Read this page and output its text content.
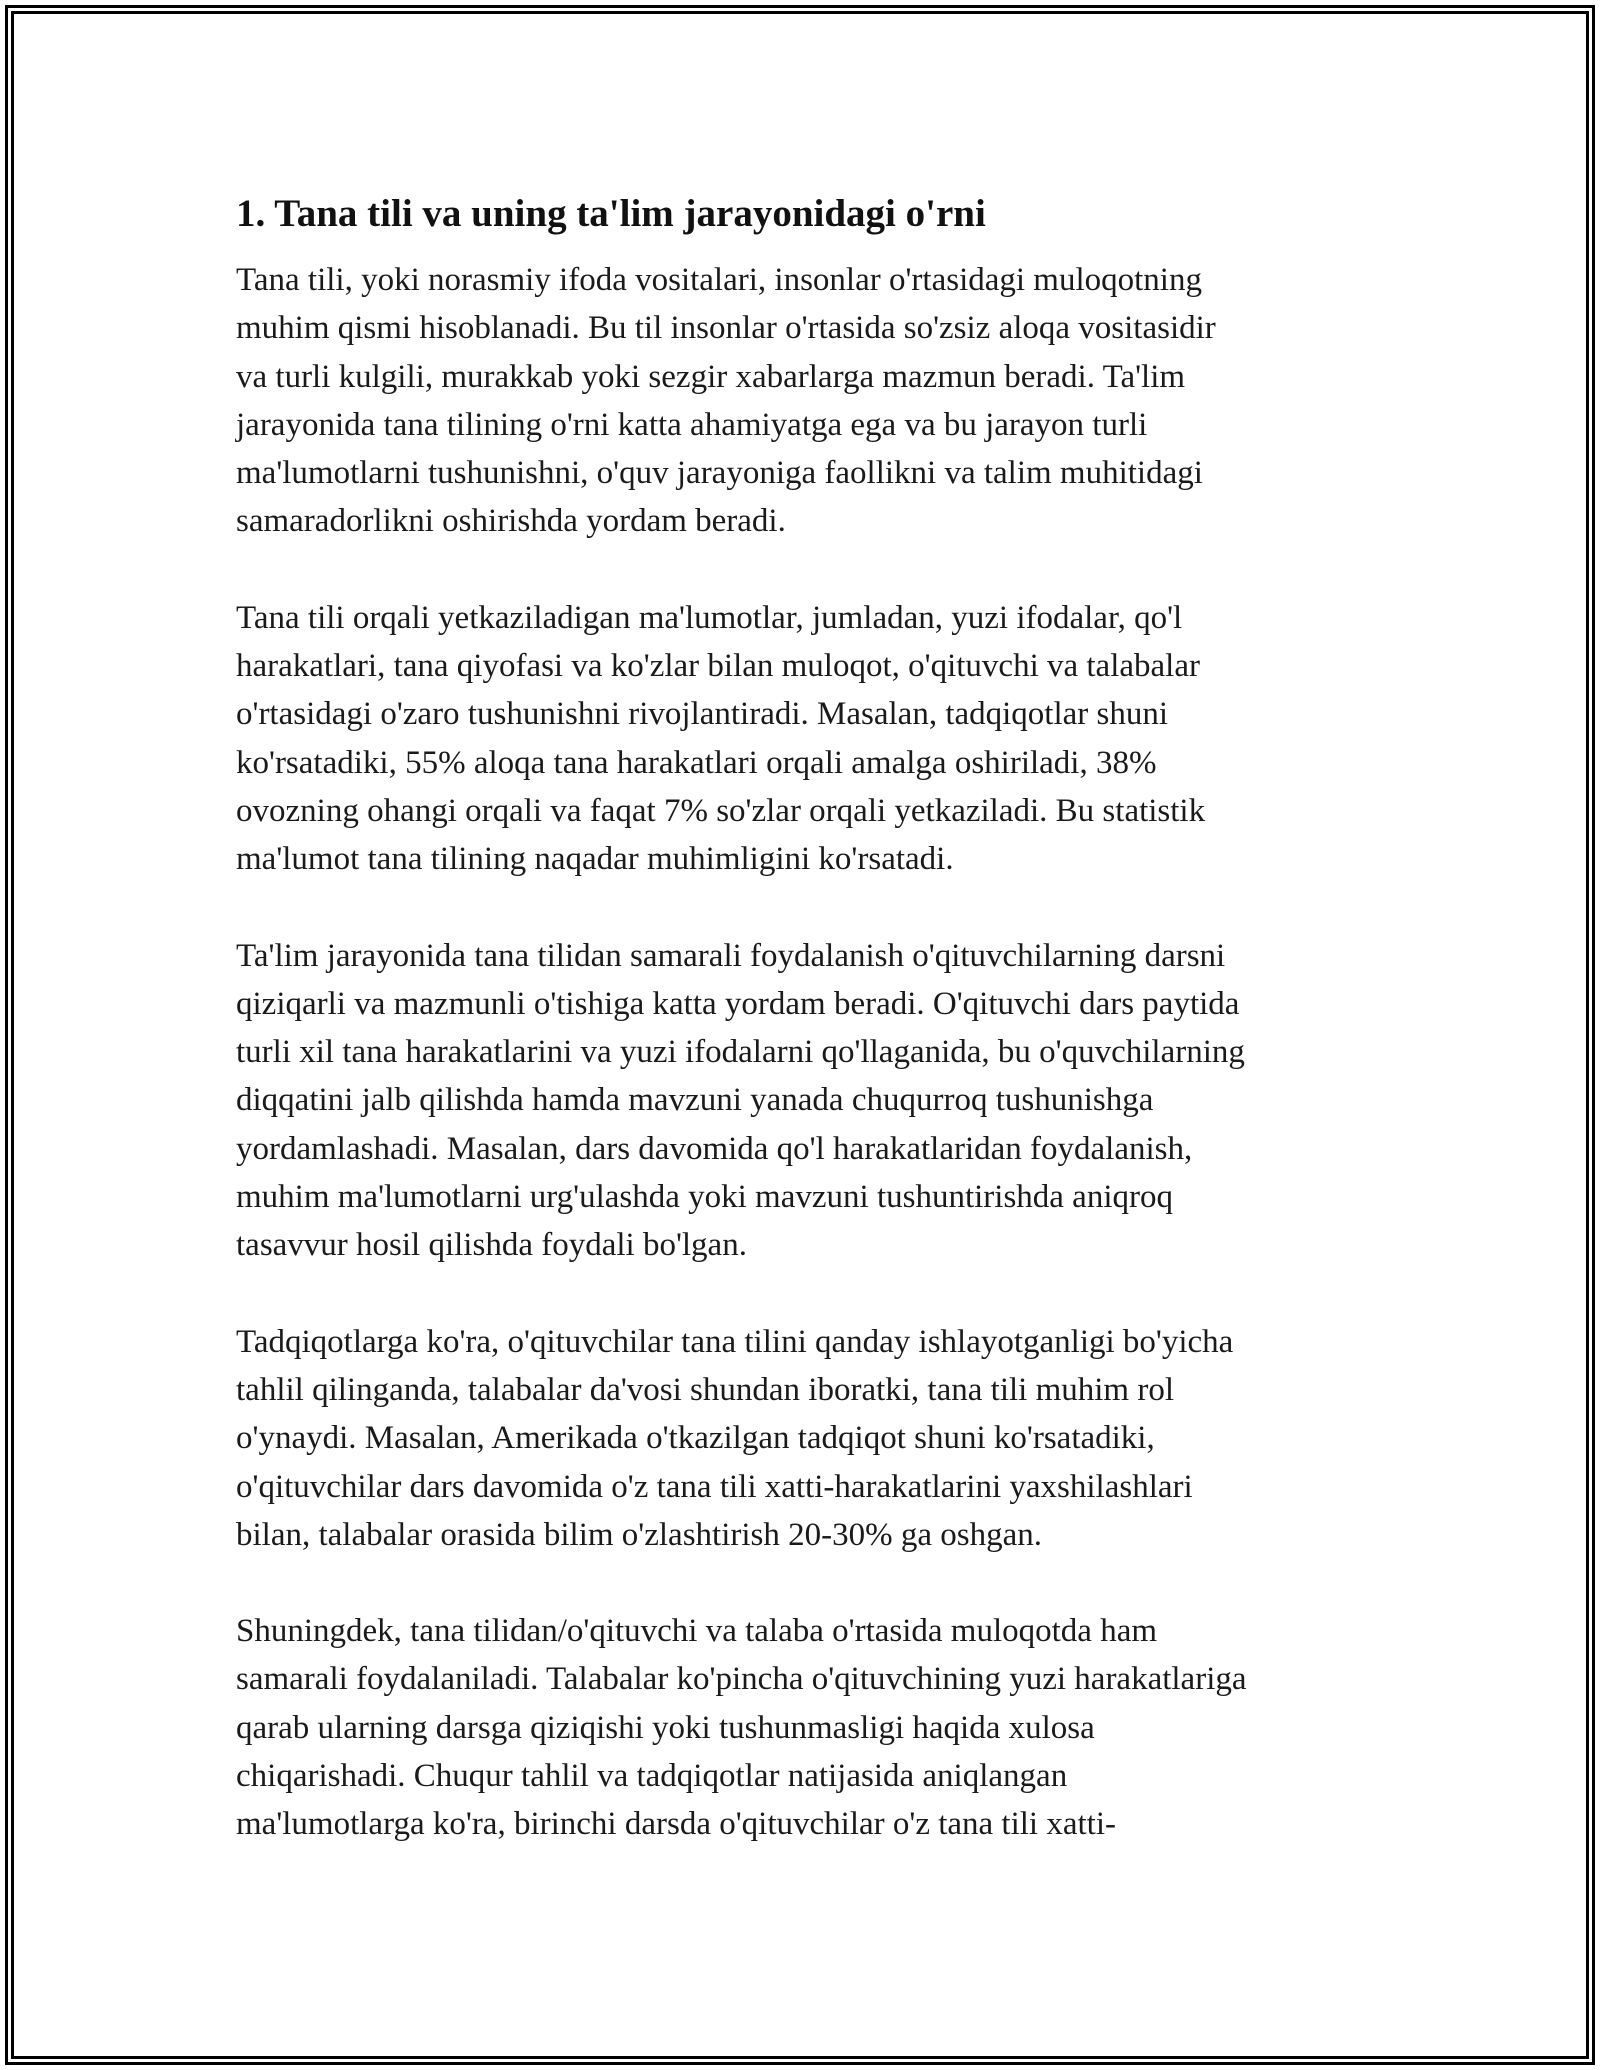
1. Tana tili va uning ta'lim jarayonidagi o'rni

Tana tili, yoki norasmiy ifoda vositalari, insonlar o'rtasidagi muloqotning
muhim qismi hisoblanadi. Bu til insonlar o'rtasida so'zsiz aloqa vositasidir
va turli kulgili, murakkab yoki sezgir xabarlarga mazmun beradi. Ta'lim
jarayonida tana tilining o'rni katta ahamiyatga ega va bu jarayon turli
ma'lumotlarni tushunishni, o'quv jarayoniga faollikni va talim muhitidagi
samaradorlikni oshirishda yordam beradi.

Tana tili orqali yetkaziladigan ma'lumotlar, jumladan, yuzi ifodalar, qo'l
harakatlari, tana qiyofasi va ko'zlar bilan muloqot, o'qituvchi va talabalar
o'rtasidagi o'zaro tushunishni rivojlantiradi. Masalan, tadqiqotlar shuni
ko'rsatadiki, 55% aloqa tana harakatlari orqali amalga oshiriladi, 38%
ovozning ohangi orqali va faqat 7% so'zlar orqali yetkaziladi. Bu statistik
ma'lumot tana tilining naqadar muhimligini ko'rsatadi.

Ta'lim jarayonida tana tilidan samarali foydalanish o'qituvchilarning darsni
qiziqarli va mazmunli o'tishiga katta yordam beradi. O'qituvchi dars paytida
turli xil tana harakatlarini va yuzi ifodalarni qo'llaganida, bu o'quvchilarning
diqqatini jalb qilishda hamda mavzuni yanada chuqurroq tushunishga
yordamlashadi. Masalan, dars davomida qo'l harakatlaridan foydalanish,
muhim ma'lumotlarni urg'ulashda yoki mavzuni tushuntirishda aniqroq
tasavvur hosil qilishda foydali bo'lgan.

Tadqiqotlarga ko'ra, o'qituvchilar tana tilini qanday ishlayotganligi bo'yicha
tahlil qilinganda, talabalar da'vosi shundan iboratki, tana tili muhim rol
o'ynaydi. Masalan, Amerikada o'tkazilgan tadqiqot shuni ko'rsatadiki,
o'qituvchilar dars davomida o'z tana tili xatti-harakatlarini yaxshilashlari
bilan, talabalar orasida bilim o'zlashtirish 20-30% ga oshgan.

Shuningdek, tana tilidan/o'qituvchi va talaba o'rtasida muloqotda ham
samarali foydalaniladi. Talabalar ko'pincha o'qituvchining yuzi harakatlariga
qarab ularning darsga qiziqishi yoki tushunmasligi haqida xulosa
chiqarishadi. Chuqur tahlil va tadqiqotlar natijasida aniqlangan
ma'lumotlarga ko'ra, birinchi darsda o'qituvchilar o'z tana tili xatti-
